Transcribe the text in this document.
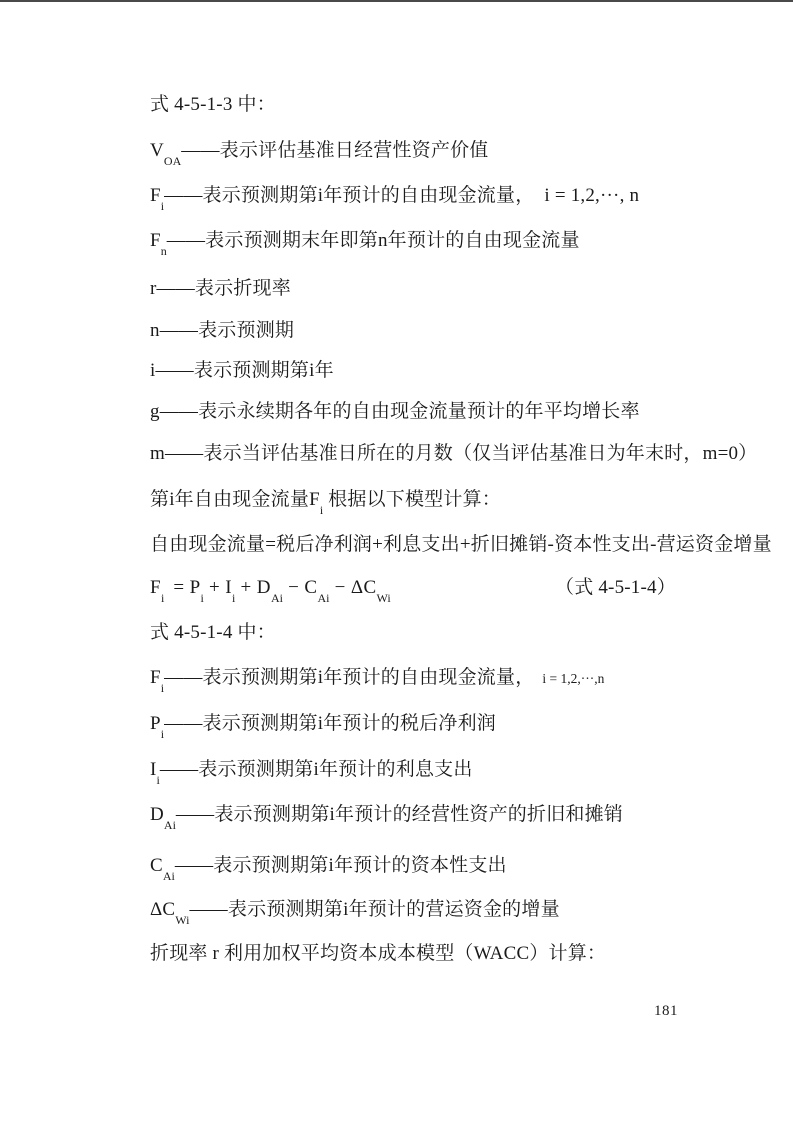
式 4-5-1-3 中：
$V_{OA}——$表示评估基准日经营性资产价值
$F_i——$表示预测期第i年预计的自由现金流量， i = 1,2,···, n
$F_n——$表示预测期末年即第n年预计的自由现金流量
r——表示折现率
n——表示预测期
i——表示预测期第i年
g——表示永续期各年的自由现金流量预计的年平均增长率
m——表示当评估基准日所在的月数（仅当评估基准日为年末时，m=0）
第i年自由现金流量$F_i$ 根据以下模型计算：
自由现金流量=税后净利润+利息支出+折旧摊销-资本性支出-营运资金增量
$F_i = P_i + I_i + D_{Ai} - C_{Ai} - \Delta C_{Wi}$	（式 4-5-1-4）
式 4-5-1-4 中：
$F_i——$表示预测期第i年预计的自由现金流量， i = 1,2,···,n
$P_i——$表示预测期第i年预计的税后净利润
$I_i——$表示预测期第i年预计的利息支出
$D_{Ai}——$表示预测期第i年预计的经营性资产的折旧和摊销
$C_{Ai}——$表示预测期第i年预计的资本性支出
$\Delta C_{Wi}——$表示预测期第i年预计的营运资金的增量
折现率 r 利用加权平均资本成本模型（WACC）计算：
181
